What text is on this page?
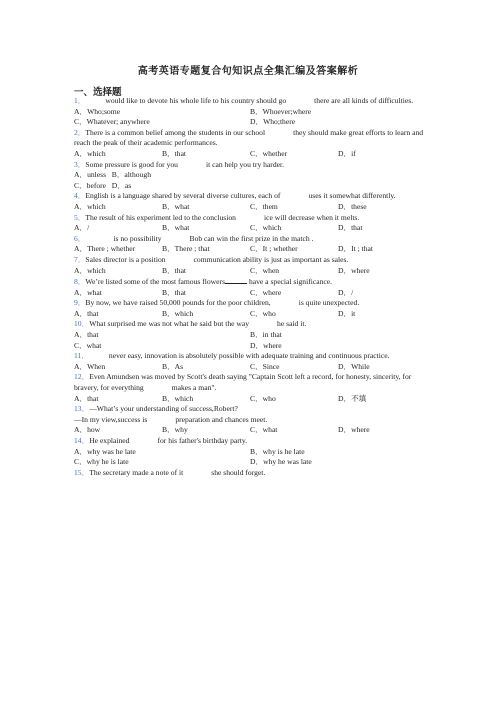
高考英语专题复合句知识点全集汇编及答案解析
一、选择题
1．	would like to devote his whole life to his country should go	there are all kinds of difficulties.
A．Who;some	B．Whoever;where
C．Whatever; anywhere	D．Who;there
2．There is a common belief among the students in our school	they should make great efforts to learn and reach the peak of their academic performances.
A．which	B．that	C．whether	D．if
3．Some pressure is good for you	it can help you try harder.
A．unless B．although
C．before D．as
4．English is a language shared by several diverse cultures, each of	uses it somewhat differently.
A．which	B．what	C．them	D．these
5．The result of his experiment led to the conclusion	ice will decrease when it melts.
A．/	B．what	C．which	D．that
6．	is no possibility	Bob can win the first prize in the match .
A．There ; whether	B．There ; that	C．It ; whether	D．It ; that
7．Sales director is a position	communication ability is just as important as sales.
A．which	B．that	C．when	D．where
8．We’re listed some of the most famous flowers	have a special significance.
A．what	B．that	C．where	D．/
9．By now, we have raised 50,000 pounds for the poor children,	is quite unexpected.
A．that	B．which	C．who	D．it
10．What surprised me was not what he said but the way	he said it.
A．that	B．in that
C．what	D．where
11．	never easy, innovation is absolutely possible with adequate training and continuous practice.
A．When	B．As	C．Since	D．While
12．Even Amundsen was moved by Scott's death saying "Captain Scott left a record, for honesty, sincerity, for bravery, for everything	makes a man".
A．that	B．which	C．who	D．不填
13．—What’s your understanding of success,Robert?
—In my view,success is	preparation and chances meet.
A．how	B．why	C．what	D．where
14．He explained	for his father's birthday party.
A．why was he late	B．why is he late
C．why he is late	D．why he was late
15．The secretary made a note of it	she should forget.
